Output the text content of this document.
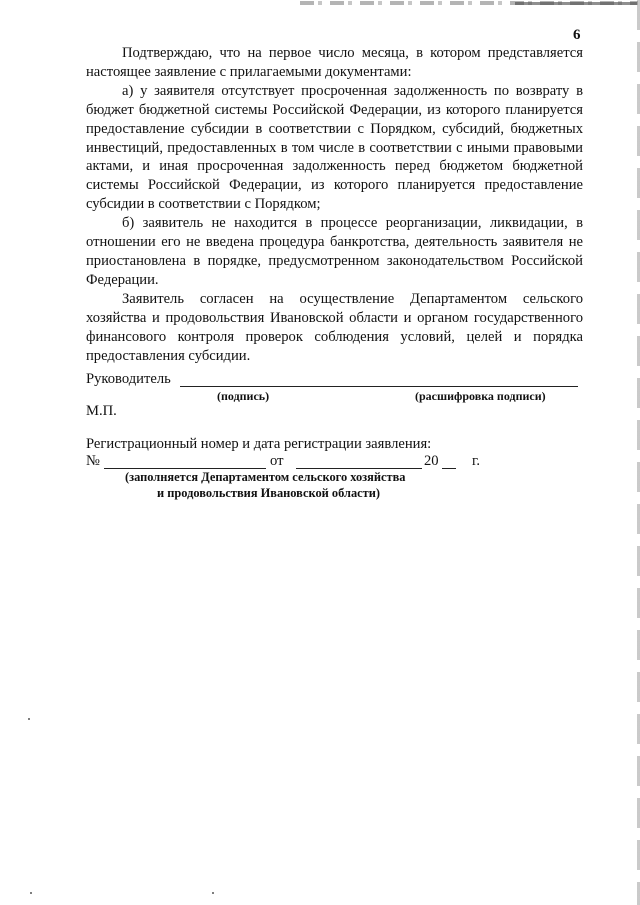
6

Подтверждаю, что на первое число месяца, в котором представляется настоящее заявление с прилагаемыми документами:

а) у заявителя отсутствует просроченная задолженность по возврату в бюджет бюджетной системы Российской Федерации, из которого планируется предоставление субсидии в соответствии с Порядком, субсидий, бюджетных инвестиций, предоставленных в том числе в соответствии с иными правовыми актами, и иная просроченная задолженность перед бюджетом бюджетной системы Российской Федерации, из которого планируется предоставление субсидии в соответствии с Порядком;

б) заявитель не находится в процессе реорганизации, ликвидации, в отношении его не введена процедура банкротства, деятельность заявителя не приостановлена в порядке, предусмотренном законодательством Российской Федерации.

Заявитель согласен на осуществление Департаментом сельского хозяйства и продовольствия Ивановской области и органом государственного финансового контроля проверок соблюдения условий, целей и порядка предоставления субсидии.

Руководитель
(подпись)	(расшифровка подписи)
М.П.
Регистрационный номер и дата регистрации заявления:
№	от	20 г.
(заполняется Департаментом сельского хозяйства
и продовольствия Ивановской области)
